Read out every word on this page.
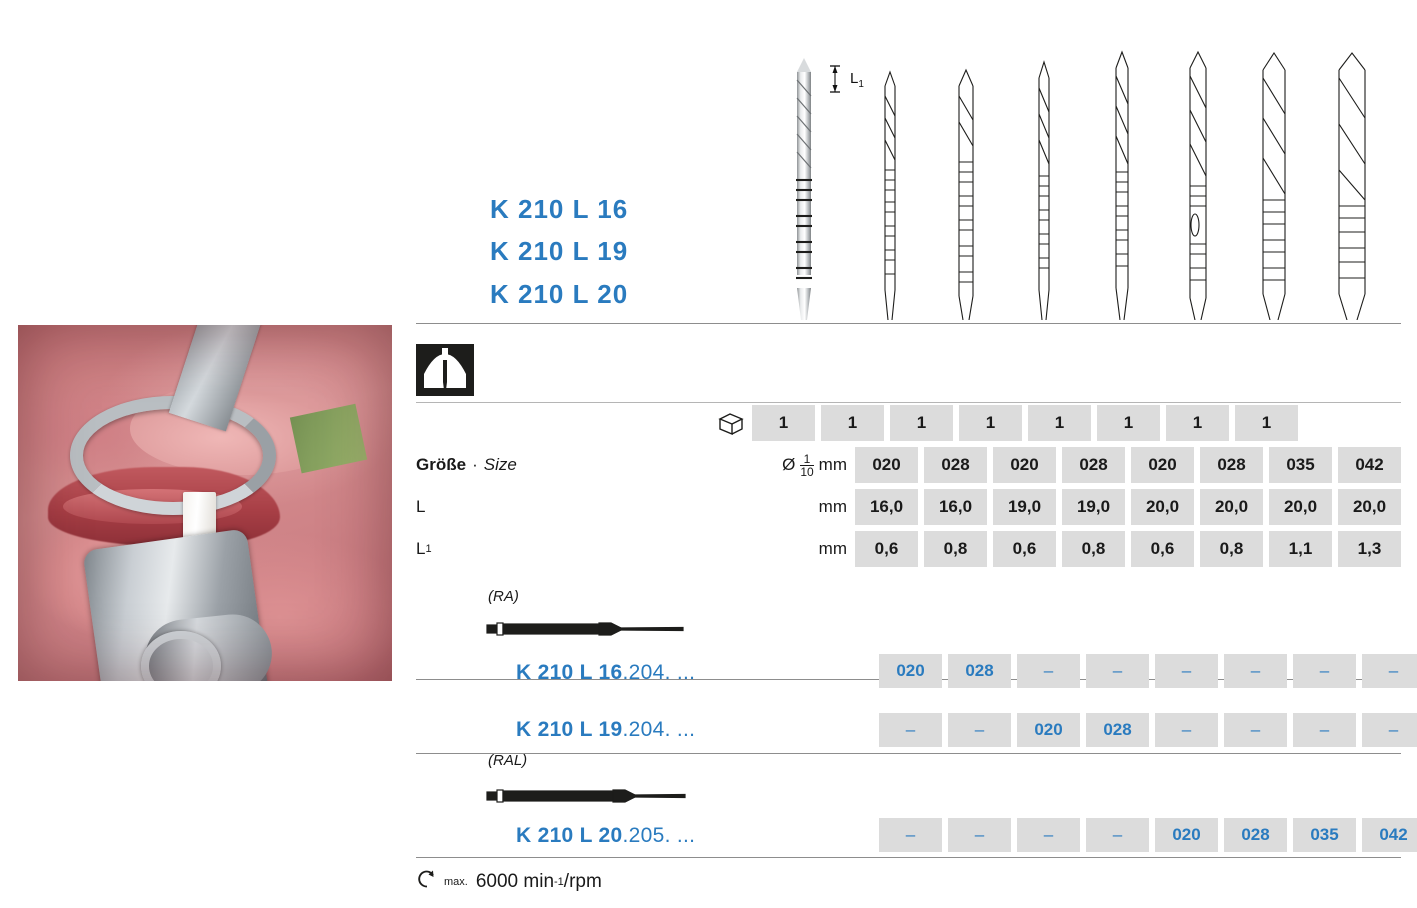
$L_1$
K 210 L 16
K 210 L 19
K 210 L 20
1	1	1	1	1	1	1	1
Größe · Size	Ø $\frac{1}{10}$ mm	020	028	020	028	020	028	035	042
L	mm	16,0	16,0	19,0	19,0	20,0	20,0	20,0	20,0
L 1	mm	0,6	0,8	0,6	0,8	0,6	0,8	1,1	1,3
(RA)
K 210 L 16.204. ...	020	028	–	–	–	–	–	–
K 210 L 19.204. ...	–	–	020	028	–	–	–	–
(RAL)
K 210 L 20.205. ...	–	–	–	–	020	028	035	042
max. 6000 min -1 /rpm
